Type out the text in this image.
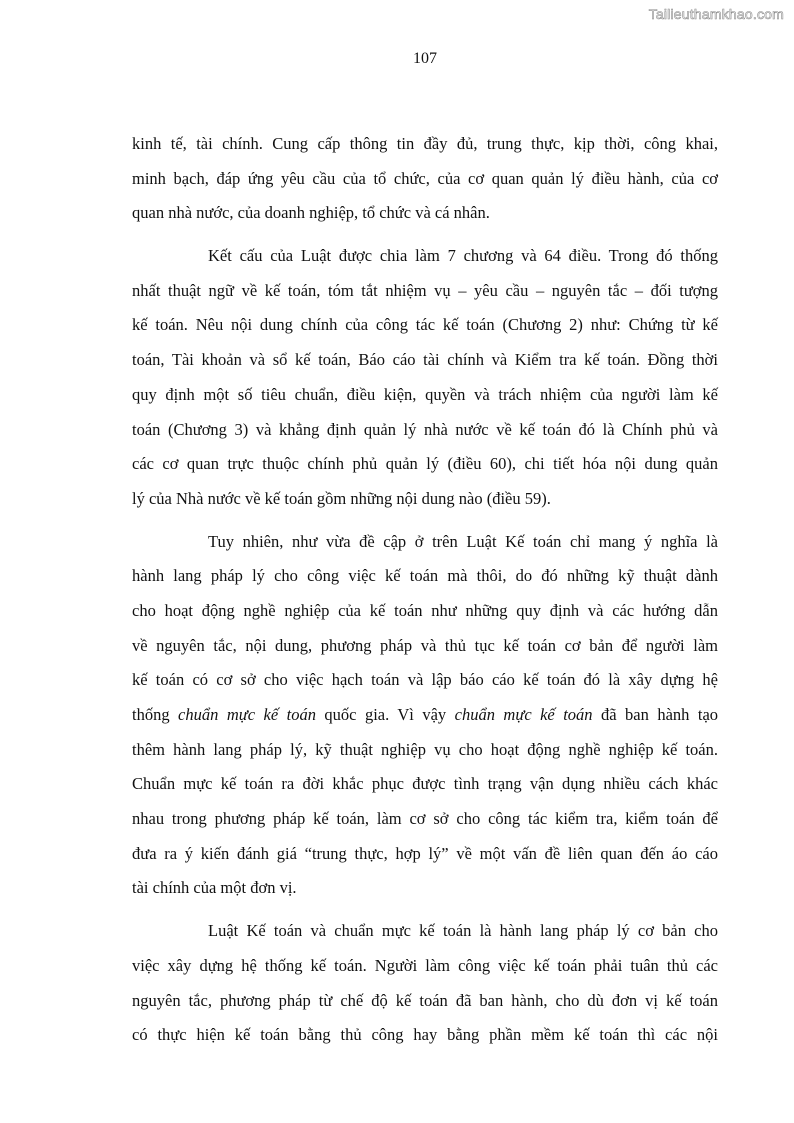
Tailieuthamkhao.com
107
kinh tế, tài chính. Cung cấp thông tin đầy đủ, trung thực, kịp thời, công khai,
minh bạch, đáp ứng yêu cầu của tổ chức, của cơ quan quản lý điều hành, của cơ
quan nhà nước, của doanh nghiệp, tổ chức và cá nhân.
Kết cấu của Luật được chia làm 7 chương và 64 điều. Trong đó thống
nhất thuật ngữ về kế toán, tóm tắt nhiệm vụ – yêu cầu – nguyên tắc – đối tượng
kế toán. Nêu nội dung chính của công tác kế toán (Chương 2) như: Chứng từ kế
toán, Tài khoản và sổ kế toán, Báo cáo tài chính và Kiểm tra kế toán. Đồng thời
quy định một số tiêu chuẩn, điều kiện, quyền và trách nhiệm của người làm kế
toán (Chương 3) và khẳng định quản lý nhà nước về kế toán đó là Chính phủ và
các cơ quan trực thuộc chính phủ quản lý (điều 60), chi tiết hóa nội dung quản
lý của Nhà nước về kế toán gồm những nội dung nào (điều 59).
Tuy nhiên, như vừa đề cập ở trên Luật Kế toán chỉ mang ý nghĩa là
hành lang pháp lý cho công việc kế toán mà thôi, do đó những kỹ thuật dành
cho hoạt động nghề nghiệp của kế toán như những quy định và các hướng dẫn
về nguyên tắc, nội dung, phương pháp và thủ tục kế toán cơ bản để người làm
kế toán có cơ sở cho việc hạch toán và lập báo cáo kế toán đó là xây dựng hệ
thống chuẩn mực kế toán quốc gia. Vì vậy chuẩn mực kế toán đã ban hành tạo
thêm hành lang pháp lý, kỹ thuật nghiệp vụ cho hoạt động nghề nghiệp kế toán.
Chuẩn mực kế toán ra đời khắc phục được tình trạng vận dụng nhiều cách khác
nhau trong phương pháp kế toán, làm cơ sở cho công tác kiểm tra, kiểm toán để
đưa ra ý kiến đánh giá “trung thực, hợp lý” về một vấn đề liên quan đến áo cáo
tài chính của một đơn vị.
Luật Kế toán và chuẩn mực kế toán là hành lang pháp lý cơ bản cho
việc xây dựng hệ thống kế toán. Người làm công việc kế toán phải tuân thủ các
nguyên tắc, phương pháp từ chế độ kế toán đã ban hành, cho dù đơn vị kế toán
có thực hiện kế toán bằng thủ công hay bằng phần mềm kế toán thì các nội
